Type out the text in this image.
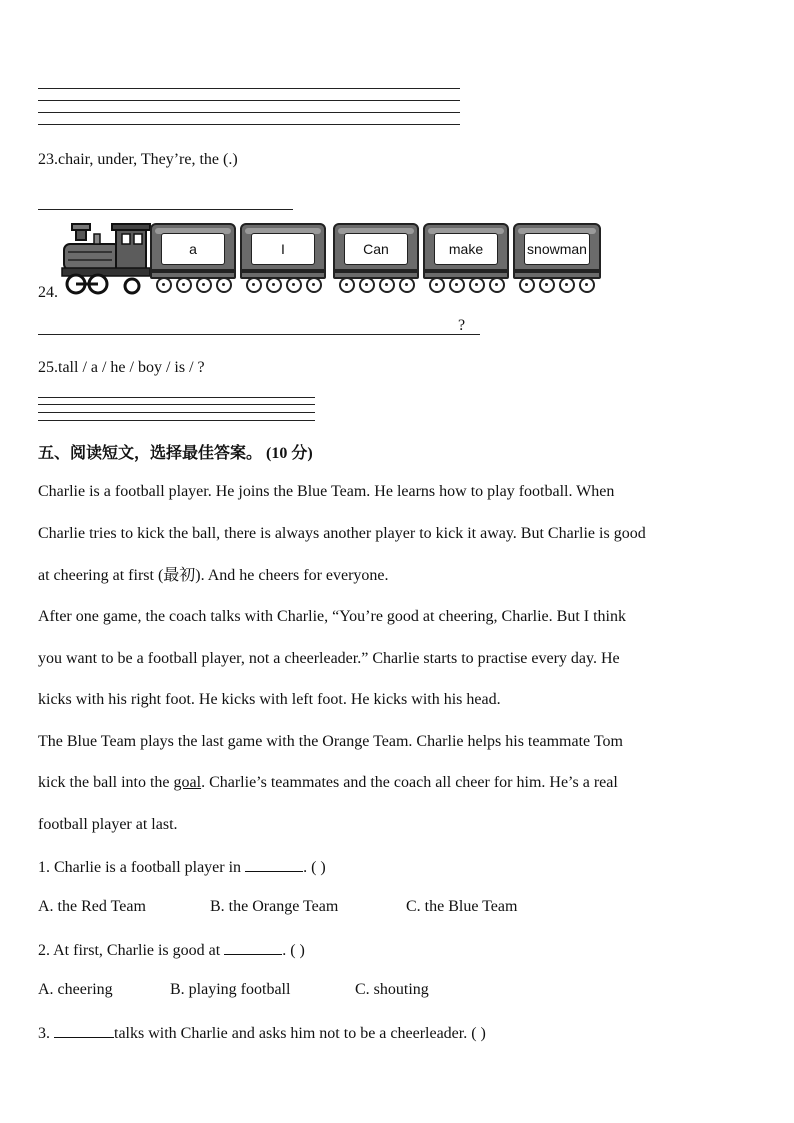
23.chair, under, They’re, the (.)
24.
a	I	Can	make	snowman
?
25.tall / a / he / boy / is / ?
五、阅读短文，选择最佳答案。 (10 分)
Charlie is a football player. He joins the Blue Team. He learns how to play football. When
Charlie tries to kick the ball, there is always another player to kick it away. But Charlie is good
at cheering at first (最初). And he cheers for everyone.
After one game, the coach talks with Charlie, “You’re good at cheering, Charlie. But I think
you want to be a football player, not a cheerleader.” Charlie starts to practise every day. He
kicks with his right foot. He kicks with left foot. He kicks with his head.
The Blue Team plays the last game with the Orange Team. Charlie helps his teammate Tom
kick the ball into the goal. Charlie’s teammates and the coach all cheer for him. He’s a real
football player at last.
1. Charlie is a football player in	. ( )
A. the Red Team	B. the Orange Team	C. the Blue Team
2. At first, Charlie is good at	. ( )
A. cheering	B. playing football	C. shouting
3.	talks with Charlie and asks him not to be a cheerleader. ( )
